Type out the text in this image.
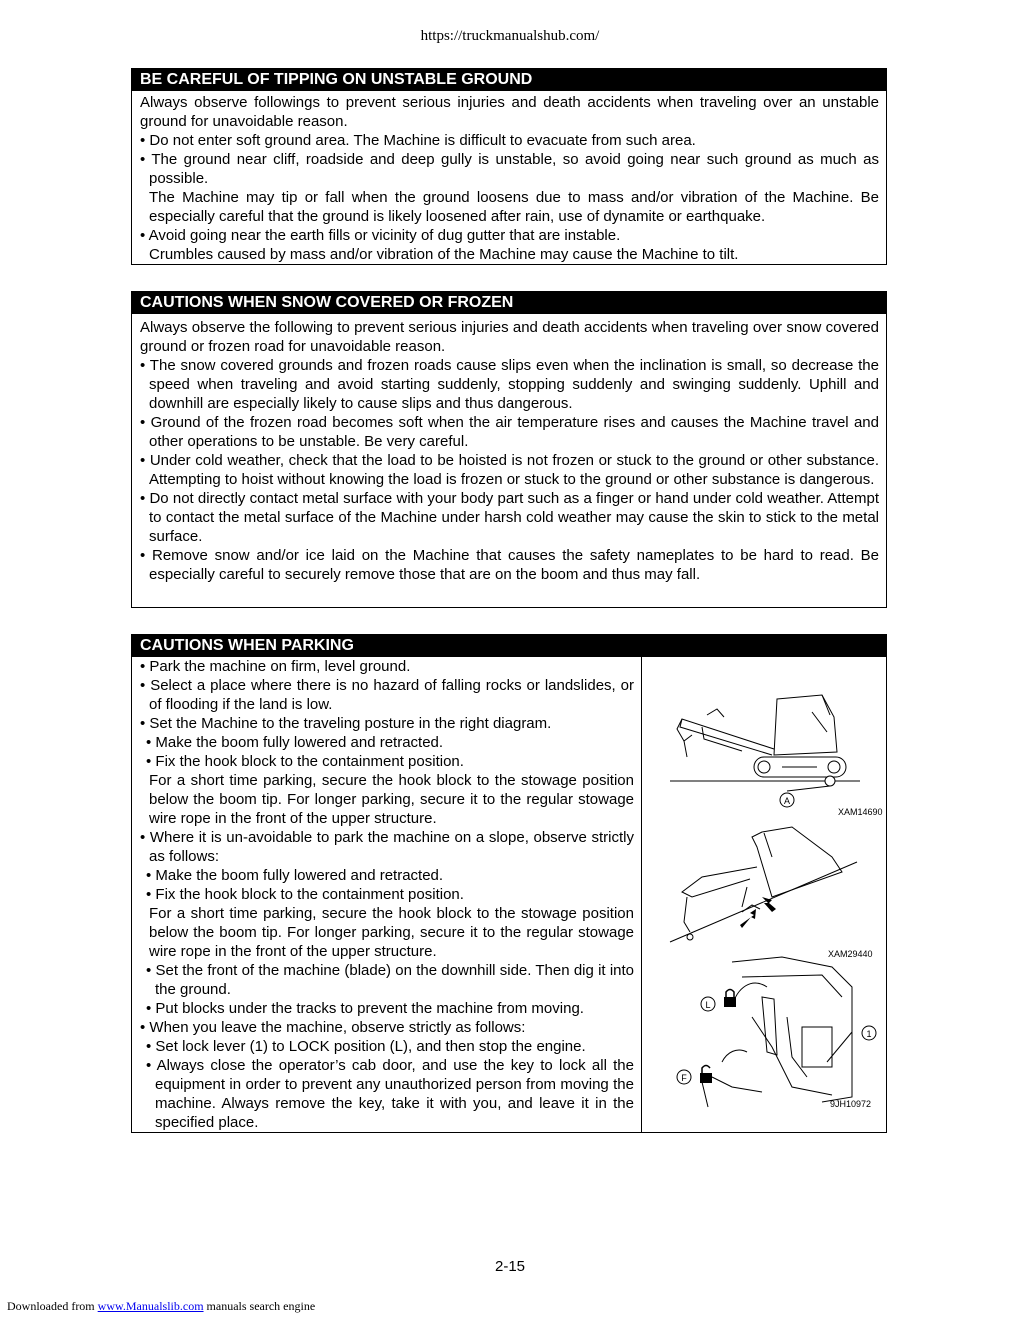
https://truckmanualshub.com/
BE CAREFUL OF TIPPING ON UNSTABLE GROUND

Always observe followings to prevent serious injuries and death accidents when traveling over an unstable ground for unavoidable reason.

• Do not enter soft ground area. The Machine is difficult to evacuate from such area.

• The ground near cliff, roadside and deep gully is unstable, so avoid going near such ground as much as possible.

The Machine may tip or fall when the ground loosens due to mass and/or vibration of the Machine. Be especially careful that the ground is likely loosened after rain, use of dynamite or earthquake.

• Avoid going near the earth fills or vicinity of dug gutter that are instable.

Crumbles caused by mass and/or vibration of the Machine may cause the Machine to tilt.

CAUTIONS WHEN SNOW COVERED OR FROZEN

Always observe the following to prevent serious injuries and death accidents when traveling over snow covered ground or frozen road for unavoidable reason.

• The snow covered grounds and frozen roads cause slips even when the inclination is small, so decrease the speed when traveling and avoid starting suddenly, stopping suddenly and swinging suddenly. Uphill and downhill are especially likely to cause slips and thus dangerous.

• Ground of the frozen road becomes soft when the air temperature rises and causes the Machine travel and other operations to be unstable. Be very careful.

• Under cold weather, check that the load to be hoisted is not frozen or stuck to the ground or other substance. Attempting to hoist without knowing the load is frozen or stuck to the ground or other substance is dangerous.

• Do not directly contact metal surface with your body part such as a finger or hand under cold weather. Attempt to contact the metal surface of the Machine under harsh cold weather may cause the skin to stick to the metal surface.

• Remove snow and/or ice laid on the Machine that causes the safety nameplates to be hard to read. Be especially careful to securely remove those that are on the boom and thus may fall.

CAUTIONS WHEN PARKING

• Park the machine on firm, level ground.

• Select a place where there is no hazard of falling rocks or landslides, or of flooding if the land is low.

• Set the Machine to the traveling posture in the right diagram.

• Make the boom fully lowered and retracted.

• Fix the hook block to the containment position.

For a short time parking, secure the hook block to the stowage position below the boom tip. For longer parking, secure it to the regular stowage wire rope in the front of the upper structure.

• Where it is un-avoidable to park the machine on a slope, observe strictly as follows:

• Make the boom fully lowered and retracted.

• Fix the hook block to the containment position.

For a short time parking, secure the hook block to the stowage position below the boom tip. For longer parking, secure it to the regular stowage wire rope in the front of the upper structure.

• Set the front of the machine (blade) on the downhill side. Then dig it into the ground.

• Put blocks under the tracks to prevent the machine from moving.

• When you leave the machine, observe strictly as follows:

• Set lock lever (1) to LOCK position (L), and then stop the engine.

• Always close the operator’s cab door, and use the key to lock all the equipment in order to prevent any unauthorized person from moving the machine. Always remove the key, take it with you, and leave it in the specified place.

A
XAM14690
XAM29440
L
F
1
9JH10972
2-15
Downloaded from www.Manualslib.com manuals search engine
